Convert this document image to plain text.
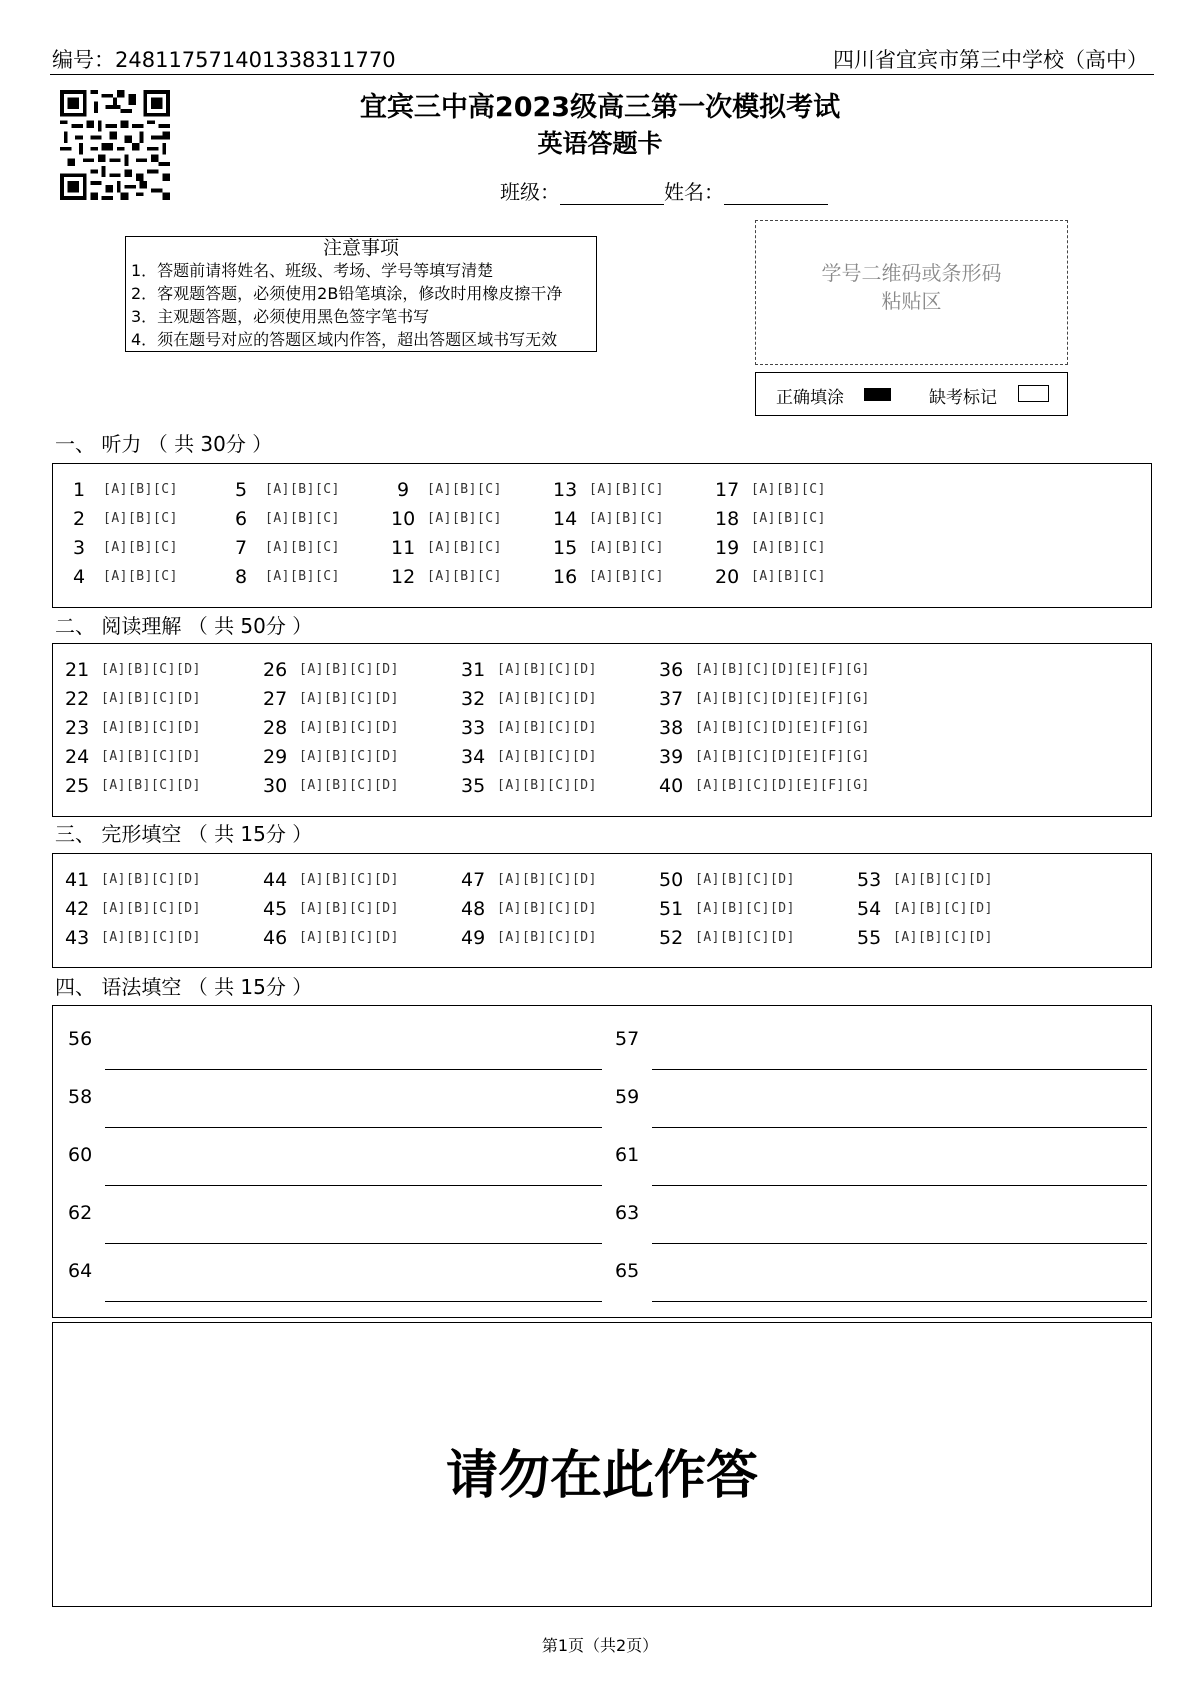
编号：248117571401338311770	四川省宜宾市第三中学校（高中）
宜宾三中高2023级高三第一次模拟考试
英语答题卡
班级：	姓名：
注意事项
1．答题前请将姓名、班级、考场、学号等填写清楚
2．客观题答题，必须使用2B铅笔填涂，修改时用橡皮擦干净
3．主观题答题，必须使用黑色签字笔书写
4．须在题号对应的答题区域内作答，超出答题区域书写无效
学号二维码或条形码
粘贴区
正确填涂	缺考标记
一、 听力 （ 共 30分 ）
1 [A][B][C]
2 [A][B][C]
3 [A][B][C]
4 [A][B][C]
5 [A][B][C]
6 [A][B][C]
7 [A][B][C]
8 [A][B][C]
9 [A][B][C]
10 [A][B][C]
11 [A][B][C]
12 [A][B][C]
13 [A][B][C]
14 [A][B][C]
15 [A][B][C]
16 [A][B][C]
17 [A][B][C]
18 [A][B][C]
19 [A][B][C]
20 [A][B][C]
二、 阅读理解 （ 共 50分 ）
21 [A][B][C][D]
22 [A][B][C][D]
23 [A][B][C][D]
24 [A][B][C][D]
25 [A][B][C][D]
26 [A][B][C][D]
27 [A][B][C][D]
28 [A][B][C][D]
29 [A][B][C][D]
30 [A][B][C][D]
31 [A][B][C][D]
32 [A][B][C][D]
33 [A][B][C][D]
34 [A][B][C][D]
35 [A][B][C][D]
36 [A][B][C][D][E][F][G]
37 [A][B][C][D][E][F][G]
38 [A][B][C][D][E][F][G]
39 [A][B][C][D][E][F][G]
40 [A][B][C][D][E][F][G]
三、 完形填空 （ 共 15分 ）
41 [A][B][C][D]
42 [A][B][C][D]
43 [A][B][C][D]
44 [A][B][C][D]
45 [A][B][C][D]
46 [A][B][C][D]
47 [A][B][C][D]
48 [A][B][C][D]
49 [A][B][C][D]
50 [A][B][C][D]
51 [A][B][C][D]
52 [A][B][C][D]
53 [A][B][C][D]
54 [A][B][C][D]
55 [A][B][C][D]
四、 语法填空 （ 共 15分 ）
56	57
58	59
60	61
62	63
64	65
请勿在此作答
第1页（共2页）
